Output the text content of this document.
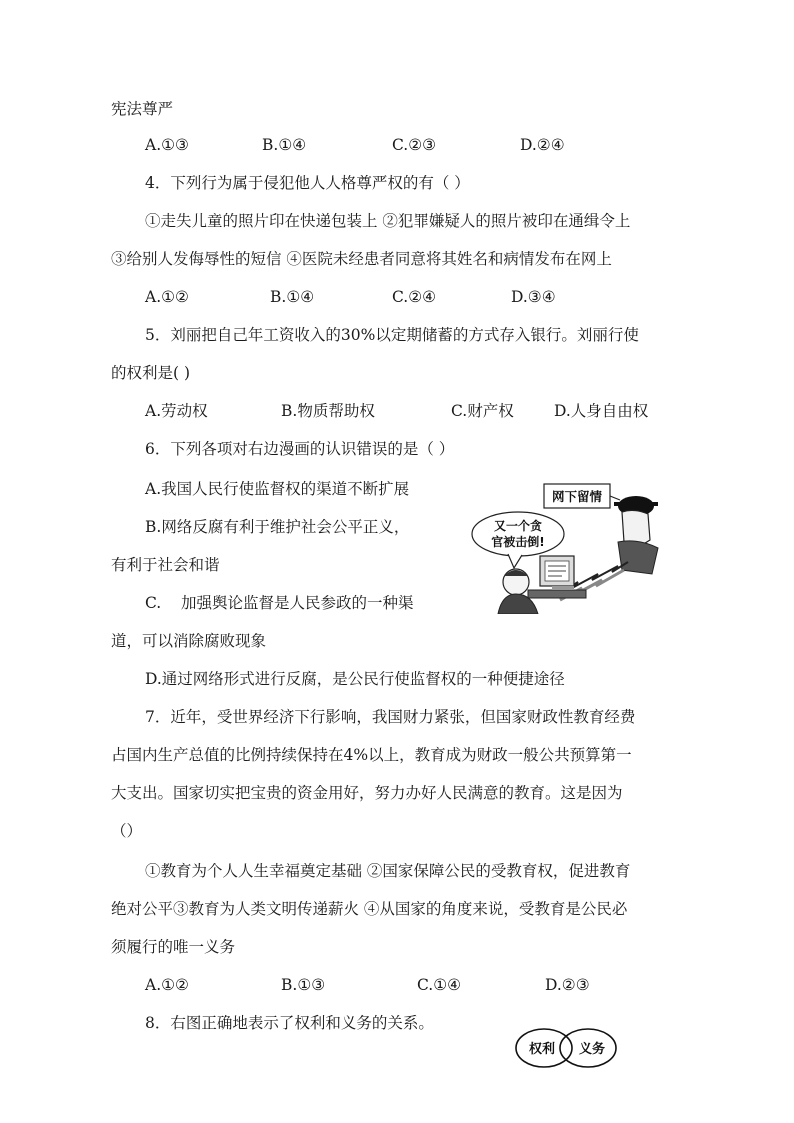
宪法尊严
A.①③	B.①④	C.②③	D.②④
4．下列行为属于侵犯他人人格尊严权的有（ ）
①走失儿童的照片印在快递包装上 ②犯罪嫌疑人的照片被印在通缉令上
③给别人发侮辱性的短信 ④医院未经患者同意将其姓名和病情发布在网上
A.①②	B.①④	C.②④	D.③④
5．刘丽把自己年工资收入的30%以定期储蓄的方式存入银行。刘丽行使
的权利是( )
A.劳动权	B.物质帮助权	C.财产权	D.人身自由权
6．下列各项对右边漫画的认识错误的是（ ）
A.我国人民行使监督权的渠道不断扩展
B.网络反腐有利于维护社会公平正义，
有利于社会和谐
C.    加强舆论监督是人民参政的一种渠
道，可以消除腐败现象
D.通过网络形式进行反腐，是公民行使监督权的一种便捷途径
网下留情
又一个贪
官被击倒!
7．近年，受世界经济下行影响，我国财力紧张，但国家财政性教育经费
占国内生产总值的比例持续保持在4%以上，教育成为财政一般公共预算第一
大支出。国家切实把宝贵的资金用好，努力办好人民满意的教育。这是因为
（）
①教育为个人人生幸福奠定基础 ②国家保障公民的受教育权，促进教育
绝对公平③教育为人类文明传递薪火 ④从国家的角度来说，受教育是公民必
须履行的唯一义务
A.①②	B.①③	C.①④	D.②③
8．右图正确地表示了权利和义务的关系。
权利 义务
